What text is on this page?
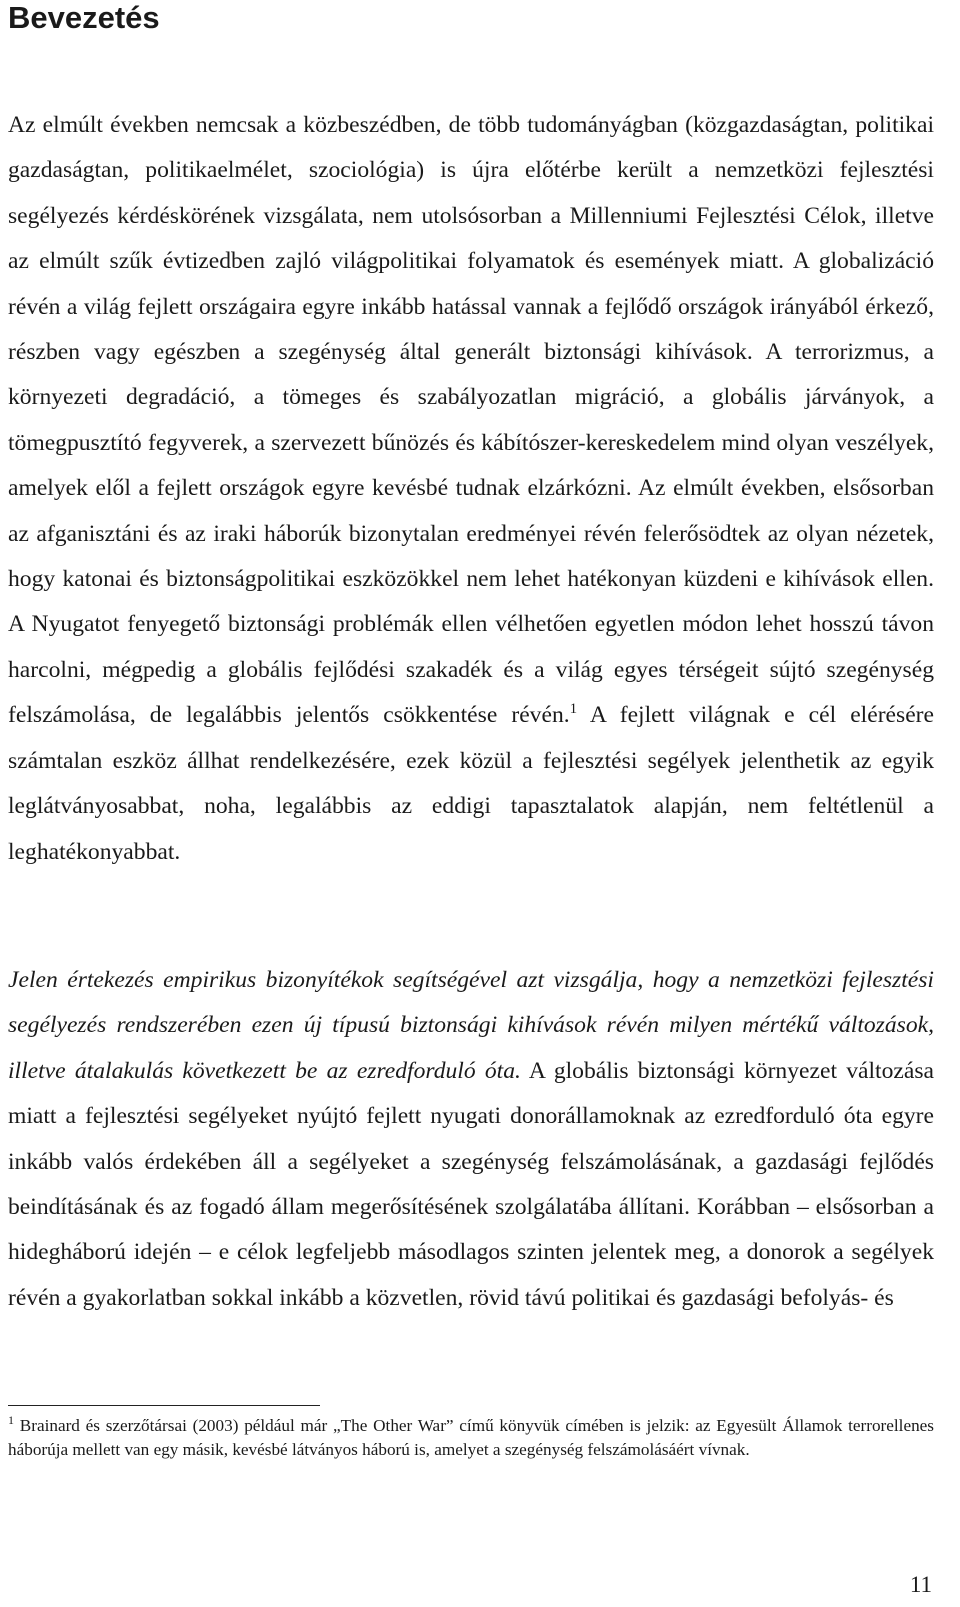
Bevezetés

Az elmúlt években nemcsak a közbeszédben, de több tudományágban (közgazdaságtan, politikai gazdaságtan, politikaelmélet, szociológia) is újra előtérbe került a nemzetközi fejlesztési segélyezés kérdéskörének vizsgálata, nem utolsósorban a Millenniumi Fejlesztési Célok, illetve az elmúlt szűk évtizedben zajló világpolitikai folyamatok és események miatt. A globalizáció révén a világ fejlett országaira egyre inkább hatással vannak a fejlődő országok irányából érkező, részben vagy egészben a szegénység által generált biztonsági kihívások. A terrorizmus, a környezeti degradáció, a tömeges és szabályozatlan migráció, a globális járványok, a tömegpusztító fegyverek, a szervezett bűnözés és kábítószer-kereskedelem mind olyan veszélyek, amelyek elől a fejlett országok egyre kevésbé tudnak elzárkózni. Az elmúlt években, elsősorban az afganisztáni és az iraki háborúk bizonytalan eredményei révén felerősödtek az olyan nézetek, hogy katonai és biztonságpolitikai eszközökkel nem lehet hatékonyan küzdeni e kihívások ellen. A Nyugatot fenyegető biztonsági problémák ellen vélhetően egyetlen módon lehet hosszú távon harcolni, mégpedig a globális fejlődési szakadék és a világ egyes térségeit sújtó szegénység felszámolása, de legalábbis jelentős csökkentése révén.$^1$ A fejlett világnak e cél elérésére számtalan eszköz állhat rendelkezésére, ezek közül a fejlesztési segélyek jelenthetik az egyik leglátványosabbat, noha, legalábbis az eddigi tapasztalatok alapján, nem feltétlenül a leghatékonyabbat.

Jelen értekezés empirikus bizonyítékok segítségével azt vizsgálja, hogy a nemzetközi fejlesztési segélyezés rendszerében ezen új típusú biztonsági kihívások révén milyen mértékű változások, illetve átalakulás következett be az ezredforduló óta. A globális biztonsági környezet változása miatt a fejlesztési segélyeket nyújtó fejlett nyugati donorállamoknak az ezredforduló óta egyre inkább valós érdekében áll a segélyeket a szegénység felszámolásának, a gazdasági fejlődés beindításának és az fogadó állam megerősítésének szolgálatába állítani. Korábban – elsősorban a hidegháború idején – e célok legfeljebb másodlagos szinten jelentek meg, a donorok a segélyek révén a gyakorlatban sokkal inkább a közvetlen, rövid távú politikai és gazdasági befolyás- és

$^1$ Brainard és szerzőtársai (2003) például már „The Other War” című könyvük címében is jelzik: az Egyesült Államok terrorellenes háborúja mellett van egy másik, kevésbé látványos háború is, amelyet a szegénység felszámolásáért vívnak.

11
